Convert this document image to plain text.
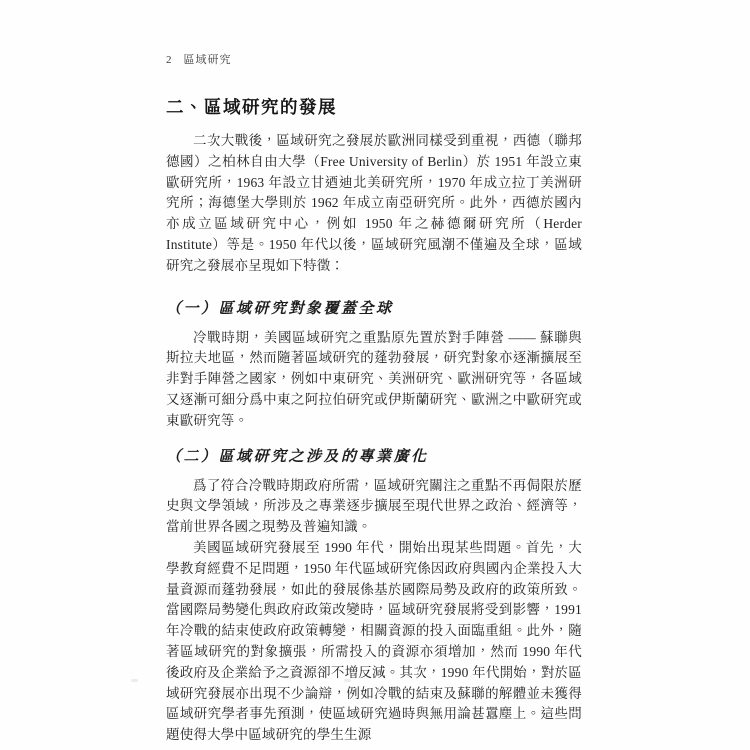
2 區域研究
二、區域研究的發展

二次大戰後，區域研究之發展於歐洲同樣受到重視，西德（聯邦德國）之柏林自由大學（Free University of Berlin）於 1951 年設立東歐研究所，1963 年設立甘迺迪北美研究所，1970 年成立拉丁美洲研究所；海德堡大學則於 1962 年成立南亞研究所。此外，西德於國內亦成立區域研究中心，例如 1950 年之赫德爾研究所（Herder Institute）等是。1950 年代以後，區域研究風潮不僅遍及全球，區域研究之發展亦呈現如下特徵：

（一）區域研究對象覆蓋全球

冷戰時期，美國區域研究之重點原先置於對手陣營 —— 蘇聯與斯拉夫地區，然而隨著區域研究的蓬勃發展，研究對象亦逐漸擴展至非對手陣營之國家，例如中東研究、美洲研究、歐洲研究等，各區域又逐漸可細分爲中東之阿拉伯研究或伊斯蘭研究、歐洲之中歐研究或東歐研究等。

（二）區域研究之涉及的專業廣化

爲了符合冷戰時期政府所需，區域研究關注之重點不再侷限於歷史與文學領域，所涉及之專業逐步擴展至現代世界之政治、經濟等，當前世界各國之現勢及普遍知識。

美國區域研究發展至 1990 年代，開始出現某些問題。首先，大學教育經費不足問題，1950 年代區域研究係因政府與國內企業投入大量資源而蓬勃發展，如此的發展係基於國際局勢及政府的政策所致。當國際局勢變化與政府政策改變時，區域研究發展將受到影響，1991 年冷戰的結束使政府政策轉變，相關資源的投入面臨重組。此外，隨著區域研究的對象擴張，所需投入的資源亦須增加，然而 1990 年代後政府及企業給予之資源卻不增反減。其次，1990 年代開始，對於區域研究發展亦出現不少論辯，例如冷戰的結束及蘇聯的解體並未獲得區域研究學者事先預測，使區域研究過時與無用論甚囂塵上。這些問題使得大學中區域研究的學生生源
